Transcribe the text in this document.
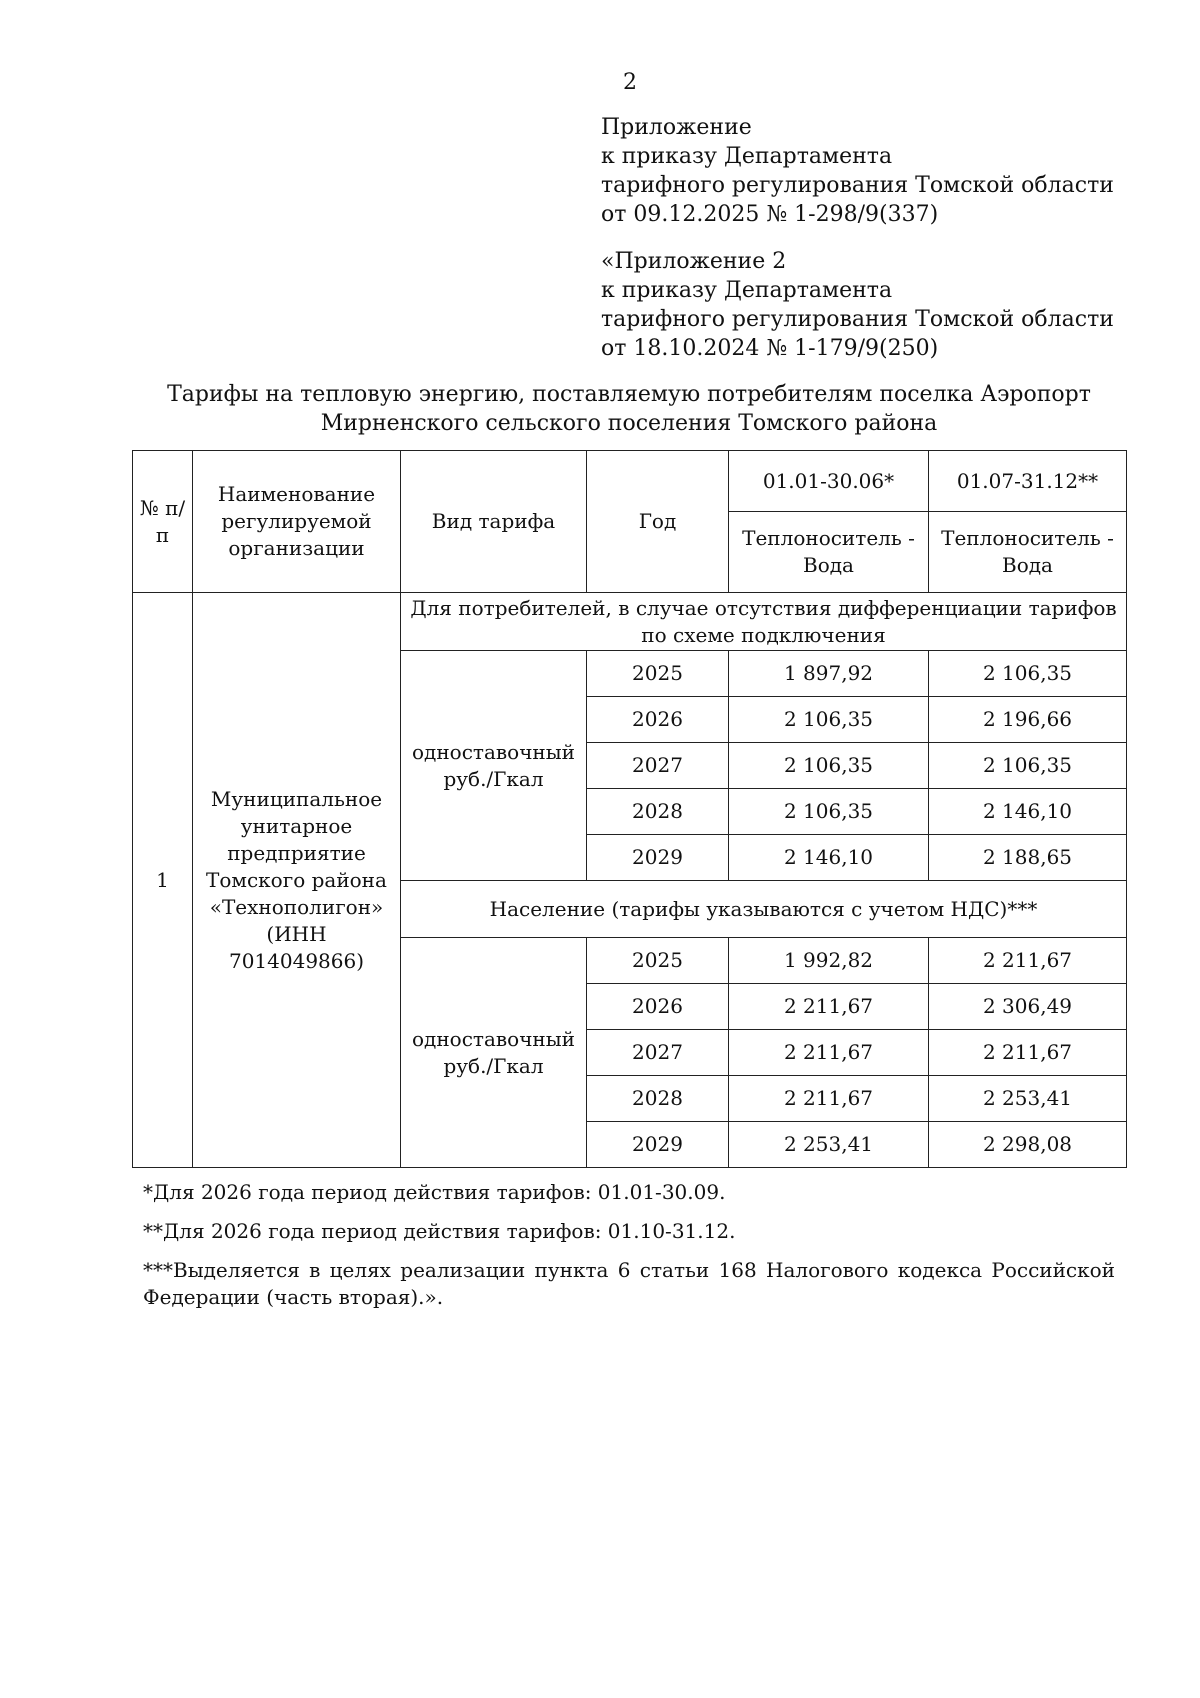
2
Приложение
к приказу Департамента
тарифного регулирования Томской области
от 09.12.2025 № 1-298/9(337)
«Приложение 2
к приказу Департамента
тарифного регулирования Томской области
от 18.10.2024 № 1-179/9(250)
Тарифы на тепловую энергию, поставляемую потребителям поселка Аэропорт
Мирненского сельского поселения Томского района
№ п/п	Наименование регулируемой организации	Вид тарифа	Год	01.01-30.06*	01.07-31.12**
				Теплоноситель - Вода	Теплоноситель - Вода
1	Муниципальное унитарное предприятие Томского района «Технополигон» (ИНН 7014049866)	Для потребителей, в случае отсутствия дифференциации тарифов по схеме подключения			
		одноставочный руб./Гкал	2025	1 897,92	2 106,35
			2026	2 106,35	2 196,66
			2027	2 106,35	2 106,35
			2028	2 106,35	2 146,10
			2029	2 146,10	2 188,65
		Население (тарифы указываются с учетом НДС)***			
		одноставочный руб./Гкал	2025	1 992,82	2 211,67
			2026	2 211,67	2 306,49
			2027	2 211,67	2 211,67
			2028	2 211,67	2 253,41
			2029	2 253,41	2 298,08

*Для 2026 года период действия тарифов: 01.01-30.09.

**Для 2026 года период действия тарифов: 01.10-31.12.

***Выделяется в целях реализации пункта 6 статьи 168 Налогового кодекса Российской Федерации (часть вторая).».
